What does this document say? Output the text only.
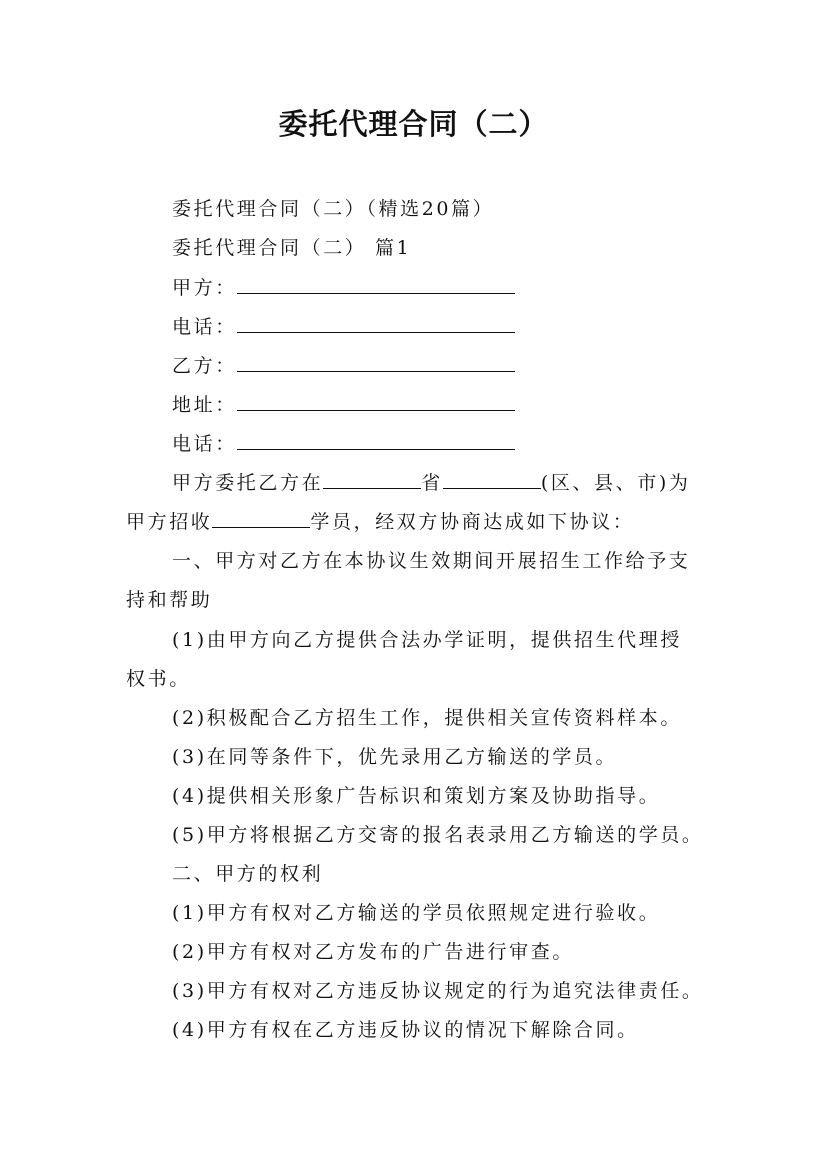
委托代理合同（二）
委托代理合同（二）（精选20篇）
委托代理合同（二） 篇1
甲方：
电话：
乙方：
地址：
电话：
甲方委托乙方在	省	(区、县、市)为
甲方招收	学员，经双方协商达成如下协议：
一、甲方对乙方在本协议生效期间开展招生工作给予支
持和帮助
(1)由甲方向乙方提供合法办学证明，提供招生代理授
权书。
(2)积极配合乙方招生工作，提供相关宣传资料样本。
(3)在同等条件下，优先录用乙方输送的学员。
(4)提供相关形象广告标识和策划方案及协助指导。
(5)甲方将根据乙方交寄的报名表录用乙方输送的学员。
二、甲方的权利
(1)甲方有权对乙方输送的学员依照规定进行验收。
(2)甲方有权对乙方发布的广告进行审查。
(3)甲方有权对乙方违反协议规定的行为追究法律责任。
(4)甲方有权在乙方违反协议的情况下解除合同。
